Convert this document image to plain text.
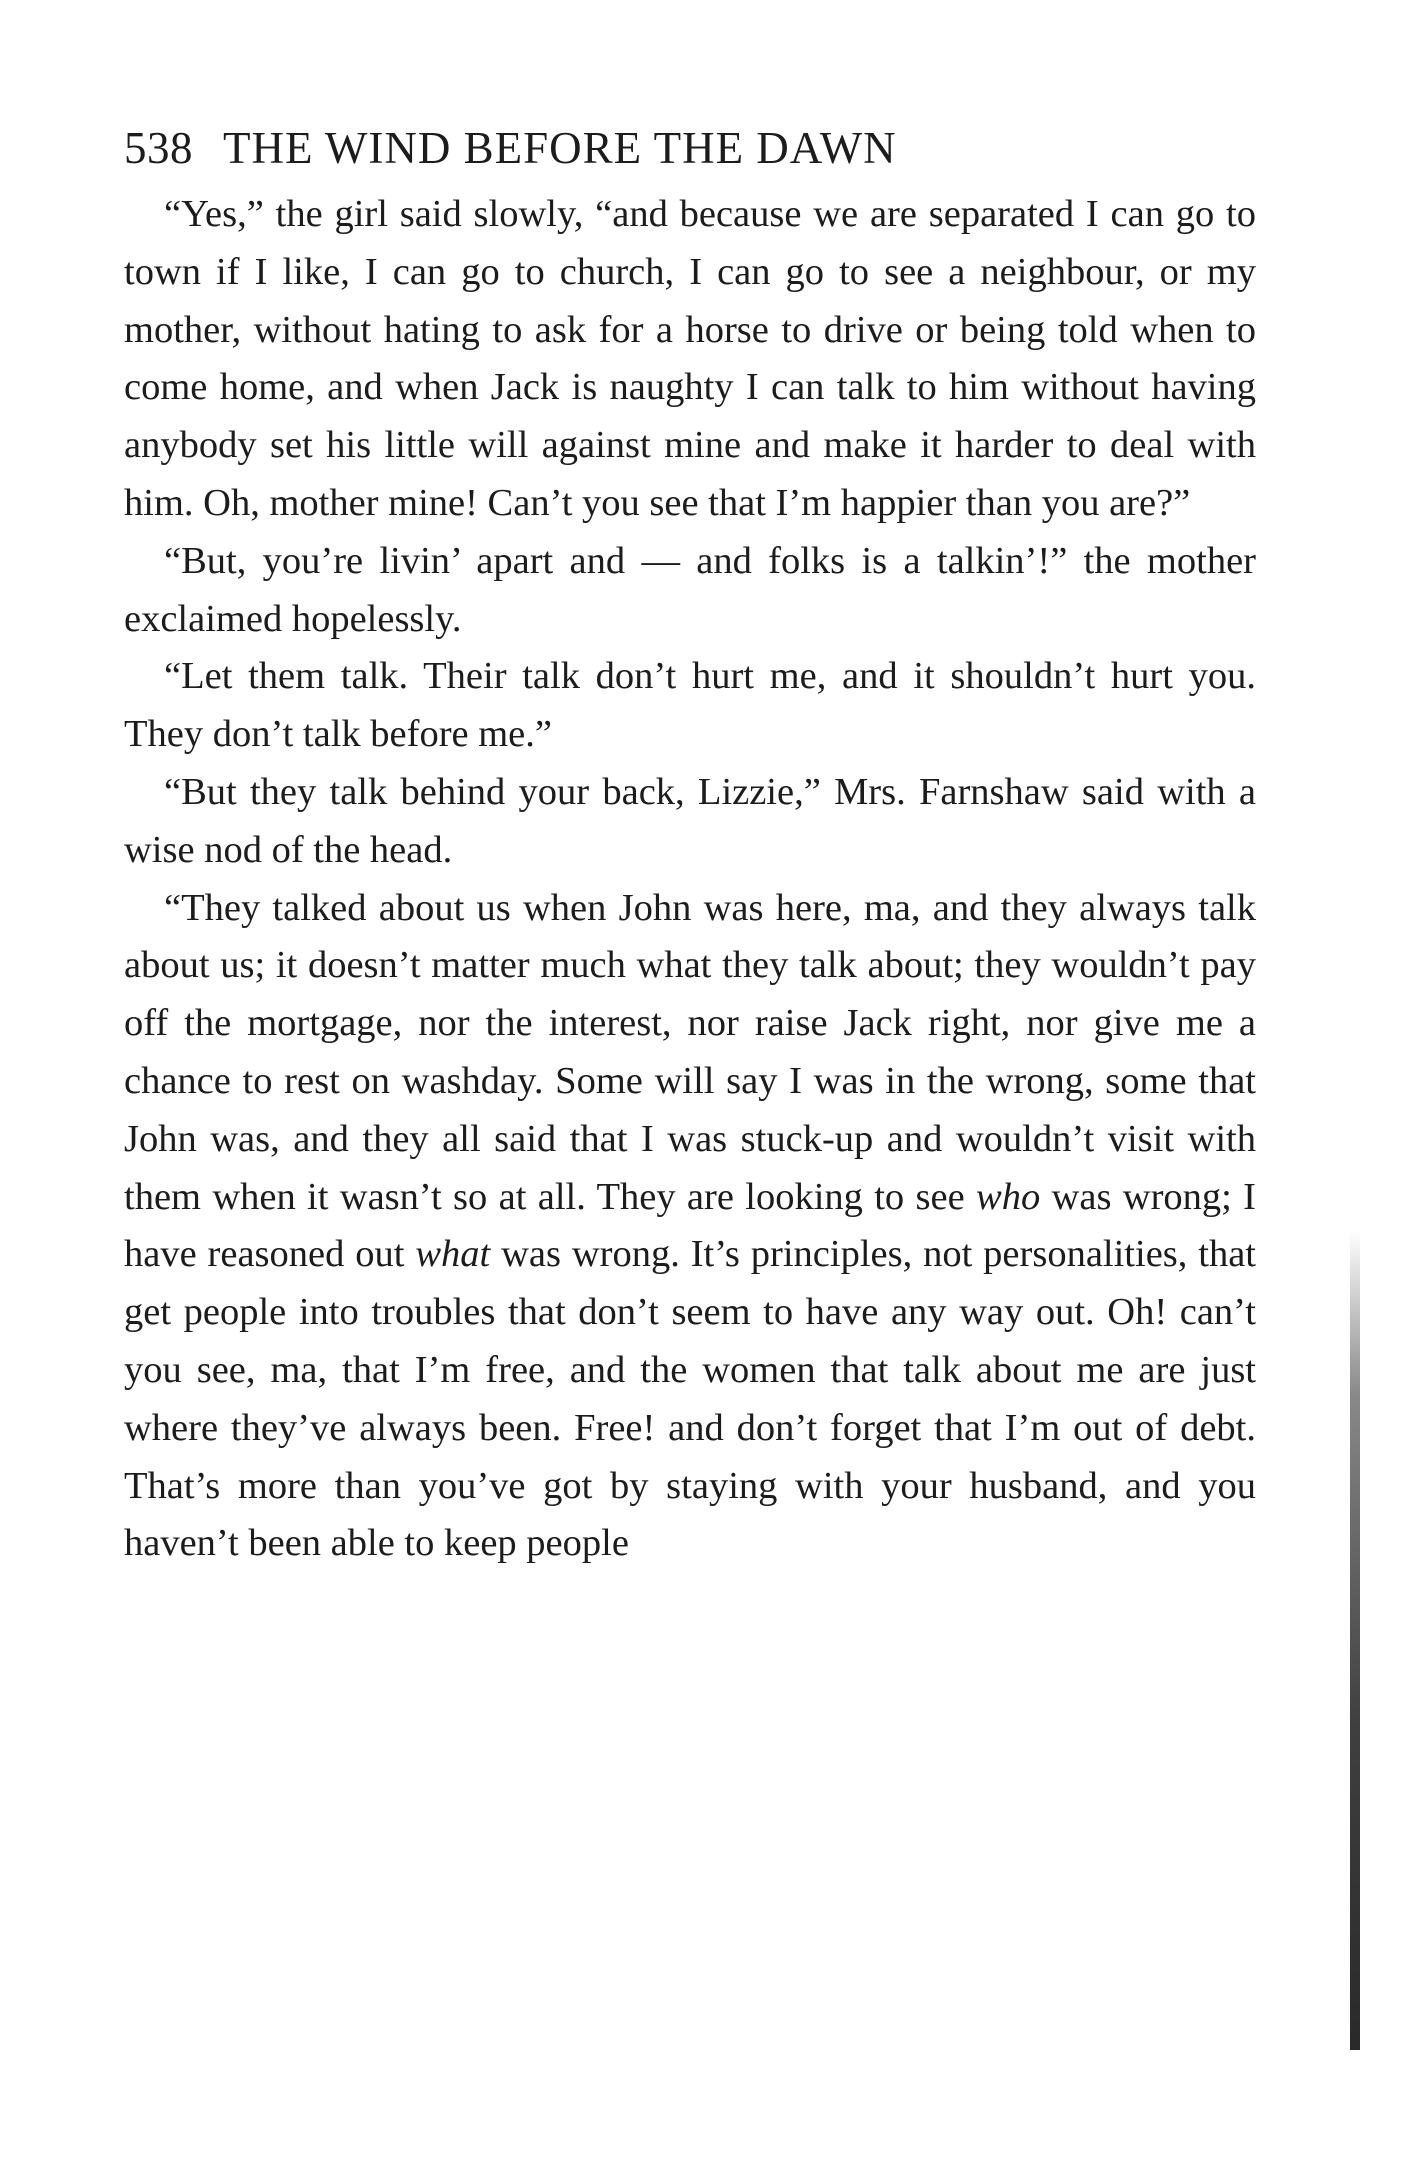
538 THE WIND BEFORE THE DAWN

“Yes,” the girl said slowly, “and because we are separated I can go to town if I like, I can go to church, I can go to see a neighbour, or my mother, without hating to ask for a horse to drive or being told when to come home, and when Jack is naughty I can talk to him without having anybody set his little will against mine and make it harder to deal with him. Oh, mother mine! Can’t you see that I’m happier than you are?”

“But, you’re livin’ apart and — and folks is a talkin’!” the mother exclaimed hopelessly.

“Let them talk. Their talk don’t hurt me, and it shouldn’t hurt you. They don’t talk before me.”

“But they talk behind your back, Lizzie,” Mrs. Farnshaw said with a wise nod of the head.

“They talked about us when John was here, ma, and they always talk about us; it doesn’t matter much what they talk about; they wouldn’t pay off the mortgage, nor the interest, nor raise Jack right, nor give me a chance to rest on washday. Some will say I was in the wrong, some that John was, and they all said that I was stuck-up and wouldn’t visit with them when it wasn’t so at all. They are looking to see who was wrong; I have reasoned out what was wrong. It’s principles, not personalities, that get people into troubles that don’t seem to have any way out. Oh! can’t you see, ma, that I’m free, and the women that talk about me are just where they’ve always been. Free! and don’t forget that I’m out of debt. That’s more than you’ve got by staying with your husband, and you haven’t been able to keep people
